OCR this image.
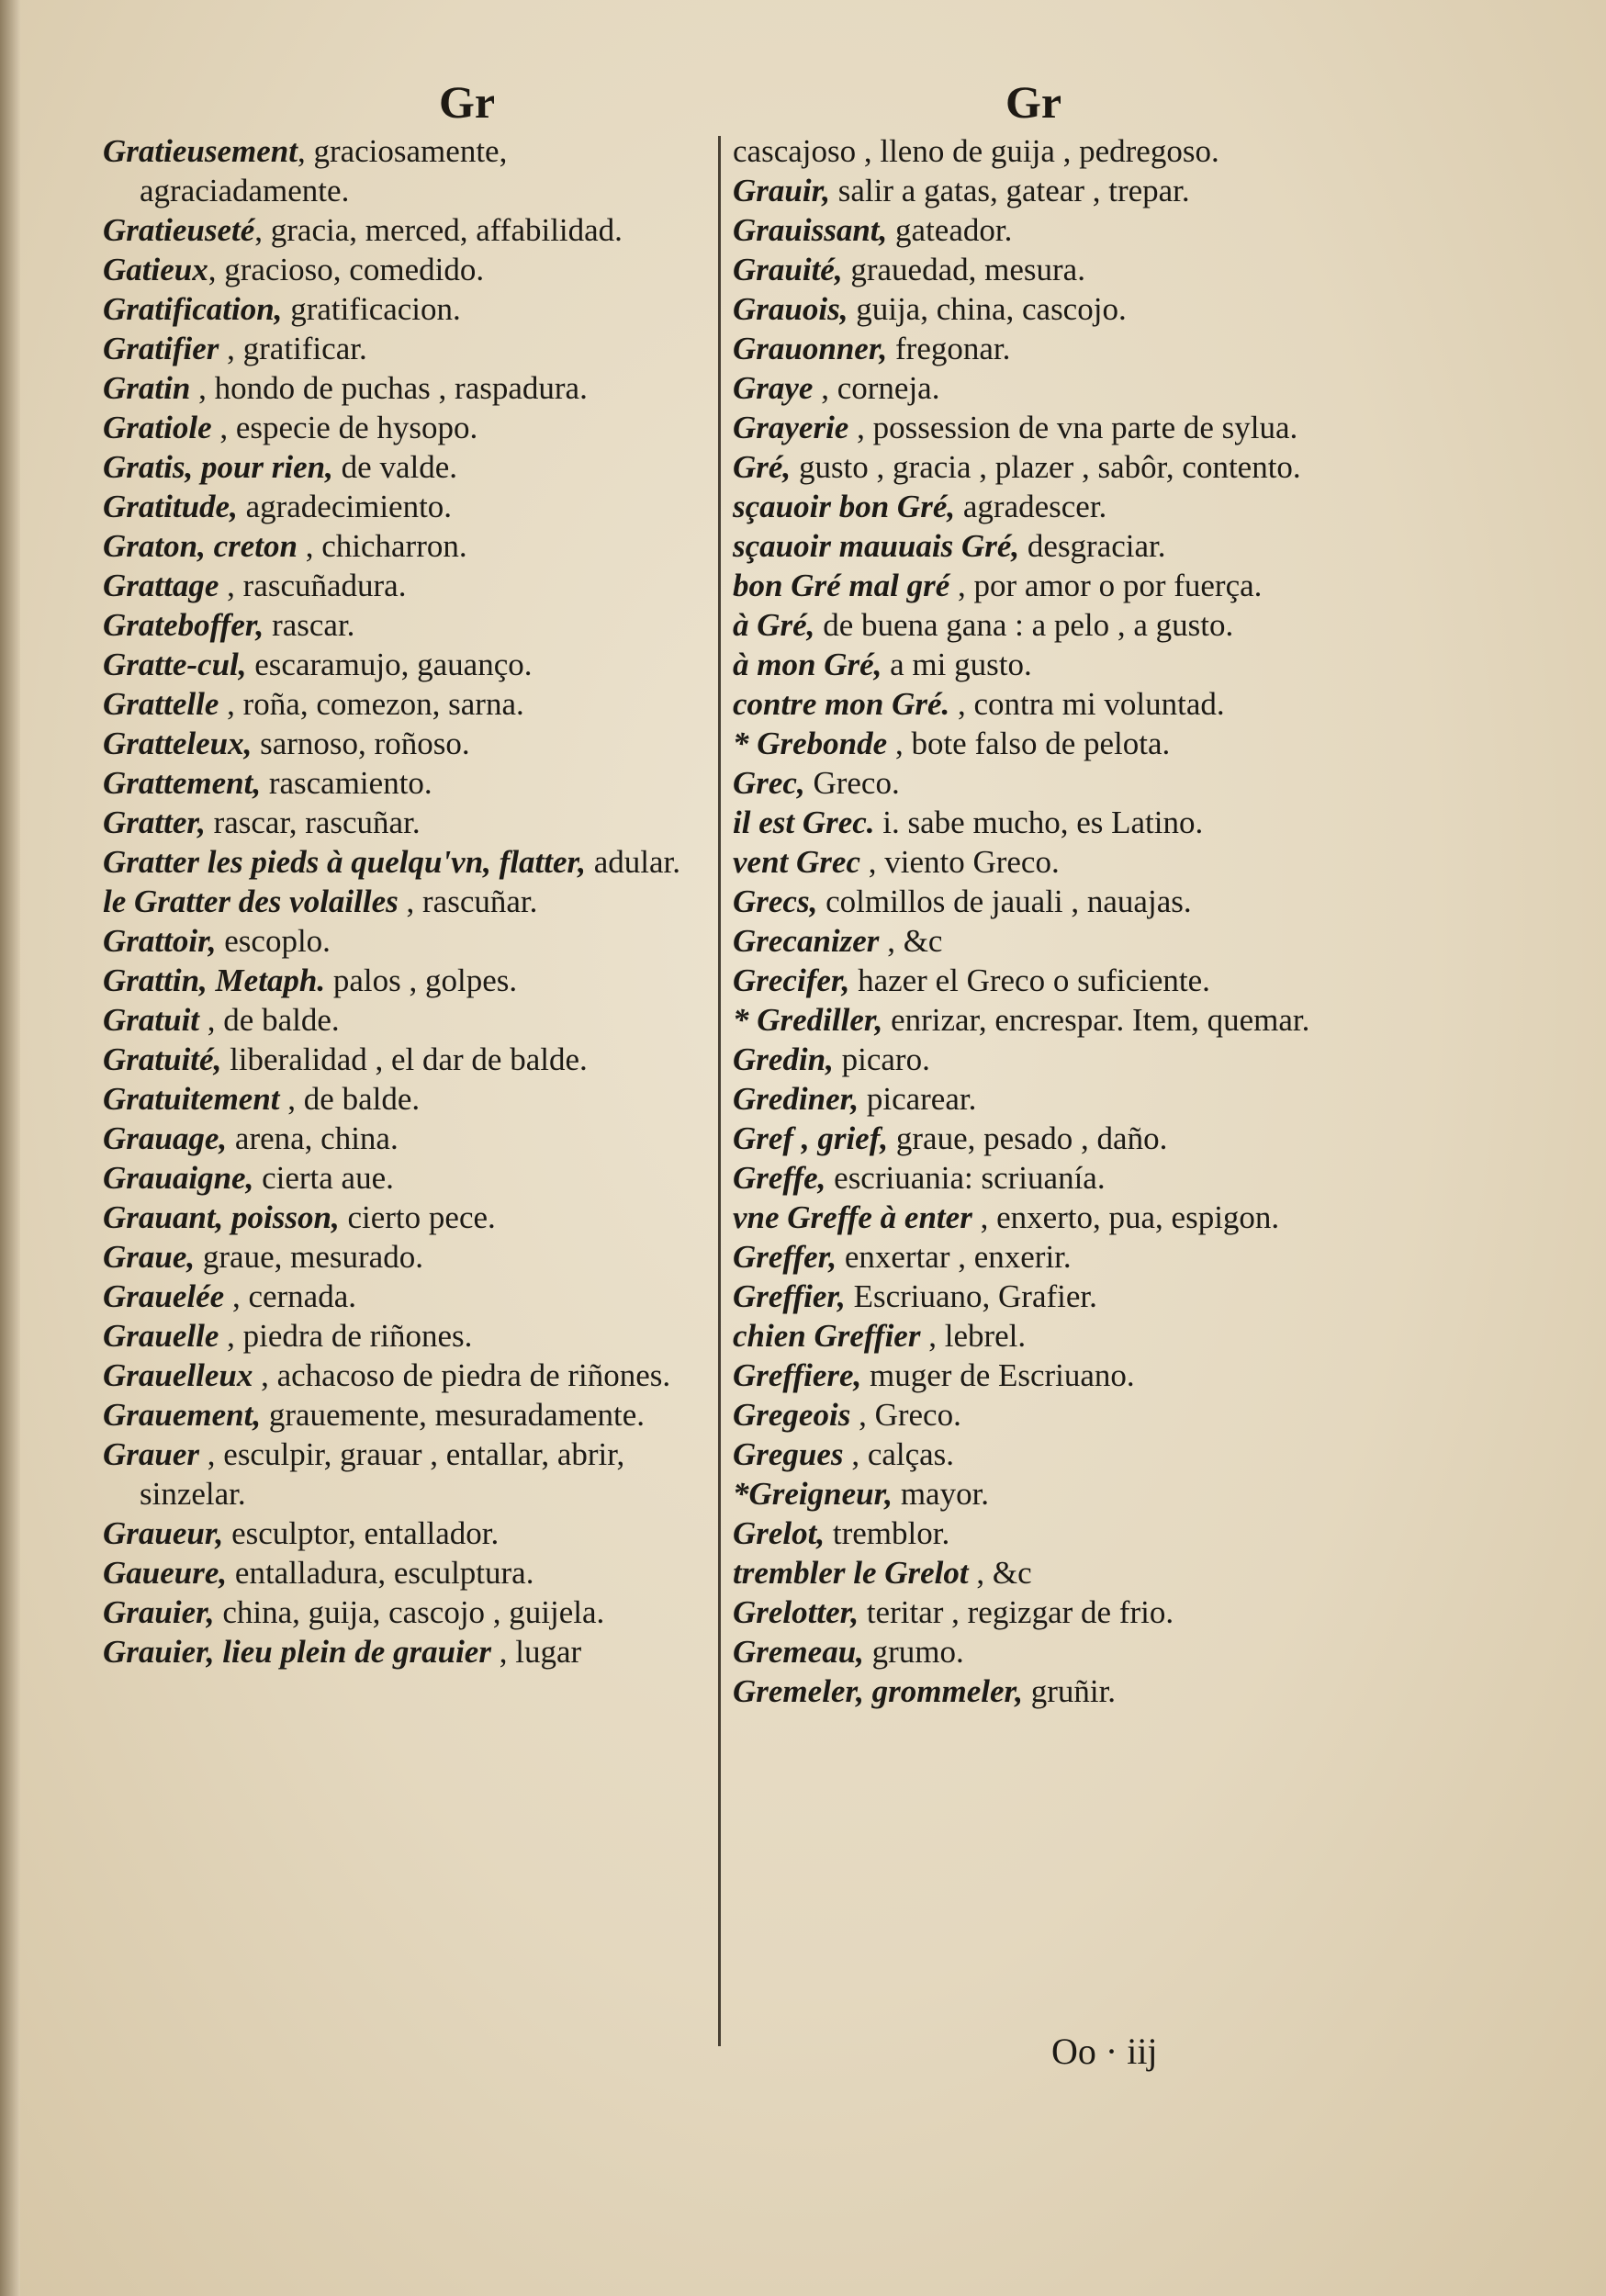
Gr	Gr

Gratieusement, graciosamente, agraciadamente.

Gratieuseté, gracia, merced, affabilidad.

Gatieux, gracioso, comedido.

Gratification, gratificacion.

Gratifier , gratificar.

Gratin , hondo de puchas , raspadura.

Gratiole , especie de hysopo.

Gratis, pour rien, de valde.

Gratitude, agradecimiento.

Graton, creton , chicharron.

Grattage , rascuñadura.

Grateboffer, rascar.

Gratte-cul, escaramujo, gauanço.

Grattelle , roña, comezon, sarna.

Gratteleux, sarnoso, roñoso.

Grattement, rascamiento.

Gratter, rascar, rascuñar.

Gratter les pieds à quelqu'vn, flatter, adular.

le Gratter des volailles , rascuñar.

Grattoir, escoplo.

Grattin, Metaph. palos , golpes.

Gratuit , de balde.

Gratuité, liberalidad , el dar de balde.

Gratuitement , de balde.

Grauage, arena, china.

Grauaigne, cierta aue.

Grauant, poisson, cierto pece.

Graue, graue, mesurado.

Grauelée , cernada.

Grauelle , piedra de riñones.

Grauelleux , achacoso de piedra de riñones.

Grauement, grauemente, mesuradamente.

Grauer , esculpir, grauar , entallar, abrir, sinzelar.

Graueur, esculptor, entallador.

Gaueure, entalladura, esculptura.

Grauier, china, guija, cascojo , guijela.

Grauier, lieu plein de grauier , lugar

cascajoso , lleno de guija , pedregoso.

Grauir, salir a gatas, gatear , trepar.

Grauissant, gateador.

Grauité, grauedad, mesura.

Grauois, guija, china, cascojo.

Grauonner, fregonar.

Graye , corneja.

Grayerie , possession de vna parte de sylua.

Gré, gusto , gracia , plazer , sabôr, contento.

sçauoir bon Gré, agradescer.

sçauoir mauuais Gré, desgraciar.

bon Gré mal gré , por amor o por fuerça.

à Gré, de buena gana : a pelo , a gusto.

à mon Gré, a mi gusto.

contre mon Gré. , contra mi voluntad.

* Grebonde , bote falso de pelota.

Grec, Greco.

il est Grec. i. sabe mucho, es Latino.

vent Grec , viento Greco.

Grecs, colmillos de jauali , nauajas.

Grecanizer , &c

Grecifer, hazer el Greco o suficiente.

* Grediller, enrizar, encrespar. Item, quemar.

Gredin, picaro.

Grediner, picarear.

Gref , grief, graue, pesado , daño.

Greffe, escriuania: scriuanía.

vne Greffe à enter , enxerto, pua, espigon.

Greffer, enxertar , enxerir.

Greffier, Escriuano, Grafier.

chien Greffier , lebrel.

Greffiere, muger de Escriuano.

Gregeois , Greco.

Gregues , calças.

*Greigneur, mayor.

Grelot, tremblor.

trembler le Grelot , &c

Grelotter, teritar , regizgar de frio.

Gremeau, grumo.

Gremeler, grommeler, gruñir.

Oo · iij
